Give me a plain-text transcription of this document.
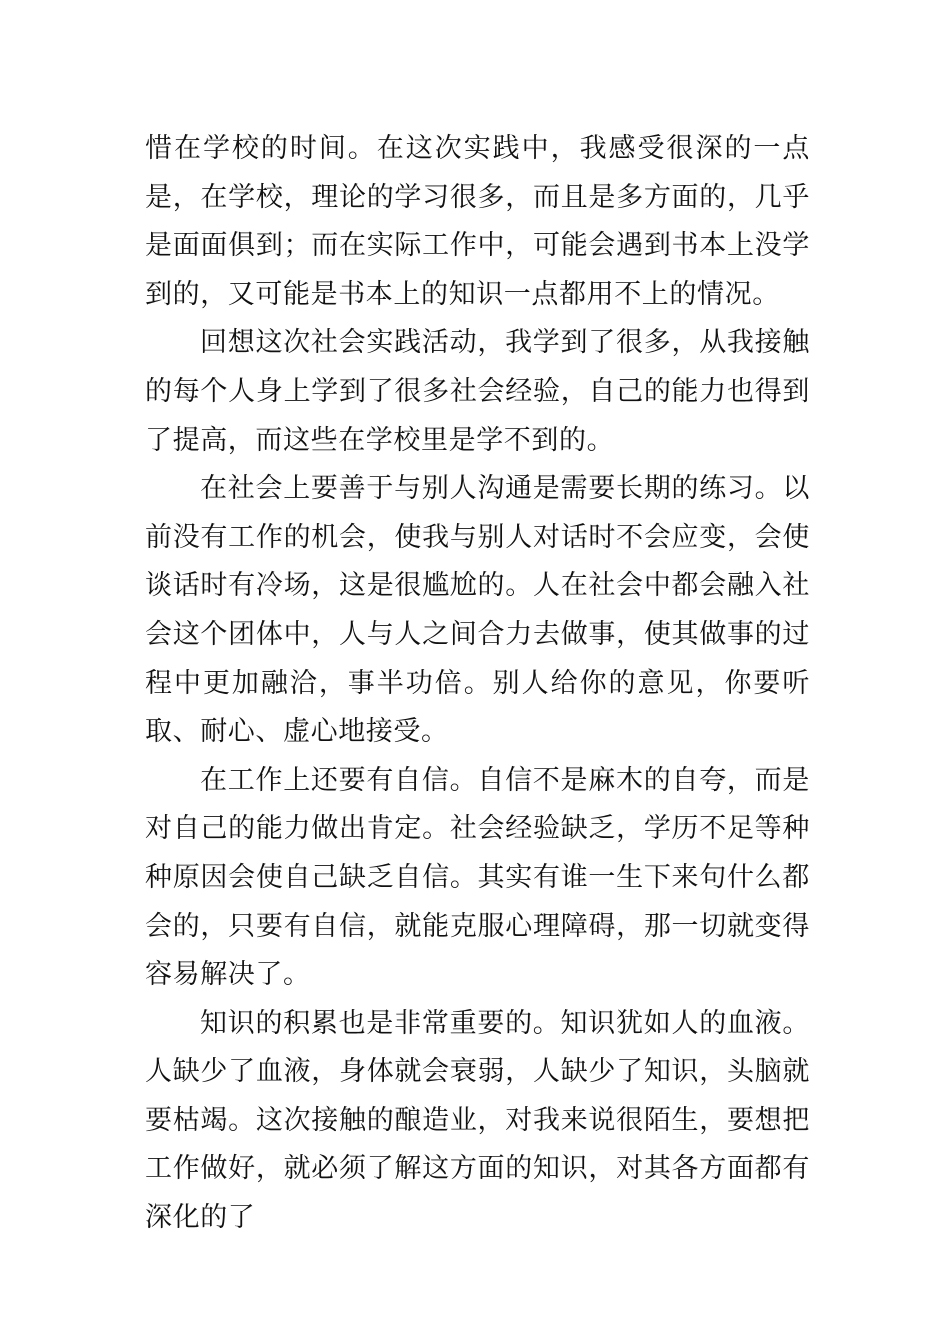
惜在学校的时间。在这次实践中，我感受很深的一点是，在学校，理论的学习很多，而且是多方面的，几乎是面面俱到；而在实际工作中，可能会遇到书本上没学到的，又可能是书本上的知识一点都用不上的情况。

回想这次社会实践活动，我学到了很多，从我接触的每个人身上学到了很多社会经验，自己的能力也得到了提高，而这些在学校里是学不到的。

在社会上要善于与别人沟通是需要长期的练习。以前没有工作的机会，使我与别人对话时不会应变，会使谈话时有冷场，这是很尴尬的。人在社会中都会融入社会这个团体中，人与人之间合力去做事，使其做事的过程中更加融洽，事半功倍。别人给你的意见，你要听取、耐心、虚心地接受。

在工作上还要有自信。自信不是麻木的自夸，而是对自己的能力做出肯定。社会经验缺乏，学历不足等种种原因会使自己缺乏自信。其实有谁一生下来句什么都会的，只要有自信，就能克服心理障碍，那一切就变得容易解决了。

知识的积累也是非常重要的。知识犹如人的血液。人缺少了血液，身体就会衰弱，人缺少了知识，头脑就要枯竭。这次接触的酿造业，对我来说很陌生，要想把工作做好，就必须了解这方面的知识，对其各方面都有深化的了
